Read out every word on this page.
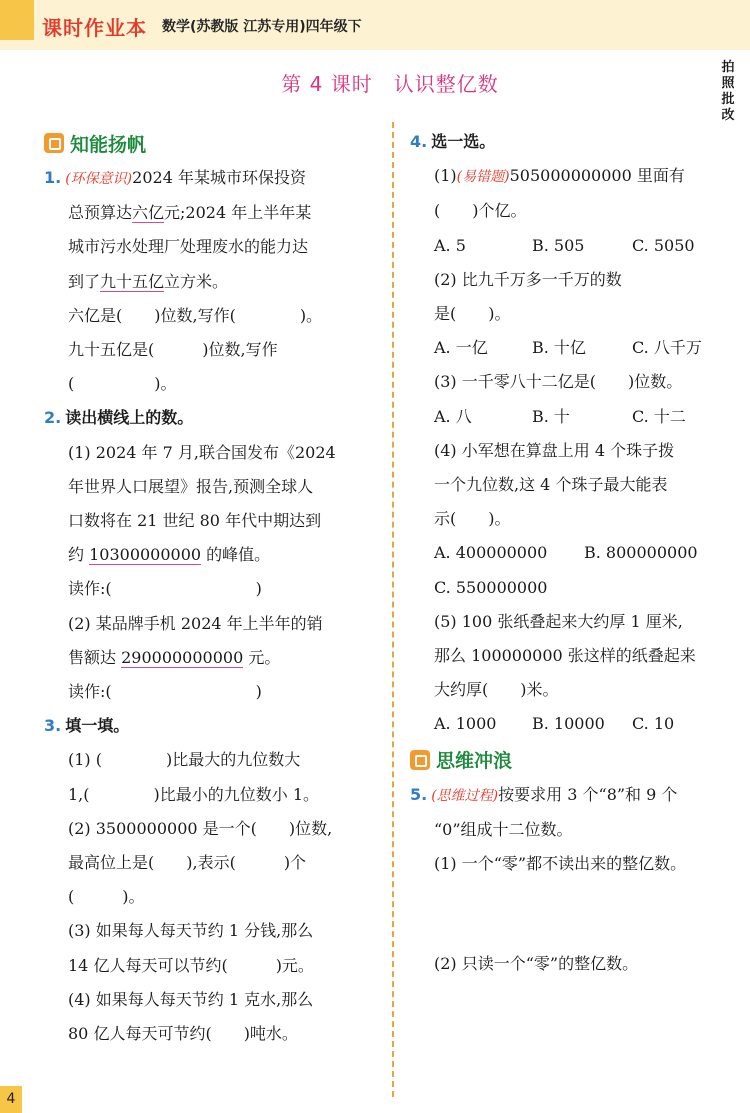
课时作业本 数学(苏教版 江苏专用)四年级下
第 4 课时　认识整亿数
拍照批改
知能扬帆
1. (环保意识)2024 年某城市环保投资
总预算达六亿元;2024 年上半年某
城市污水处理厂处理废水的能力达
到了九十五亿立方米。
六亿是(　　)位数,写作(　　　　)。
九十五亿是(　　　)位数,写作
(　　　　　)。
2. 读出横线上的数。
(1) 2024 年 7 月,联合国发布《2024
年世界人口展望》报告,预测全球人
口数将在 21 世纪 80 年代中期达到
约 10300000000 的峰值。
读作:(　　　　　　　　　)
(2) 某品牌手机 2024 年上半年的销
售额达 290000000000 元。
读作:(　　　　　　　　　)
3. 填一填。
(1) (　　　　)比最大的九位数大
1,(　　　　)比最小的九位数小 1。
(2) 3500000000 是一个(　　)位数,
最高位上是(　　),表示(　　　)个
(　　　)。
(3) 如果每人每天节约 1 分钱,那么
14 亿人每天可以节约(　　　)元。
(4) 如果每人每天节约 1 克水,那么
80 亿人每天可节约(　　)吨水。
4. 选一选。
(1)(易错题)505000000000 里面有
(　　)个亿。
A. 5	B. 505	C. 5050
(2) 比九千万多一千万的数
是(　　)。
A. 一亿	B. 十亿	C. 八千万
(3) 一千零八十二亿是(　　)位数。
A. 八	B. 十	C. 十二
(4) 小军想在算盘上用 4 个珠子拨
一个九位数,这 4 个珠子最大能表
示(　　)。
A. 400000000 B. 800000000
C. 550000000
(5) 100 张纸叠起来大约厚 1 厘米,
那么 100000000 张这样的纸叠起来
大约厚(　　)米。
A. 1000 B. 10000 C. 10
思维冲浪
5. (思维过程)按要求用 3 个“8”和 9 个
“0”组成十二位数。
(1) 一个“零”都不读出来的整亿数。
(2) 只读一个“零”的整亿数。
4
